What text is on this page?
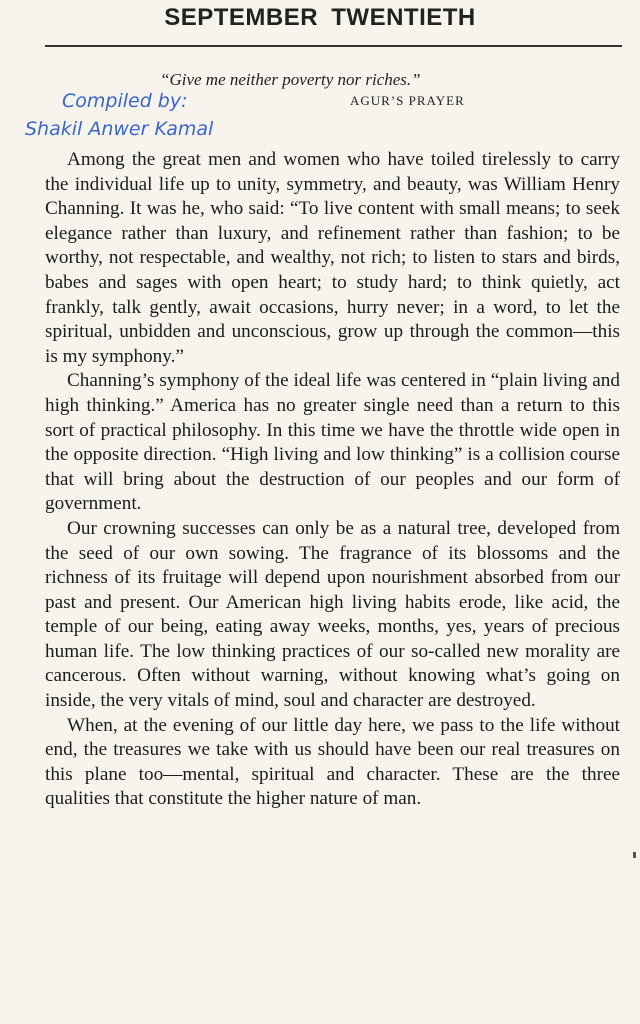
SEPTEMBER TWENTIETH
“Give me neither poverty nor riches.”
AGUR’S PRAYER
Compiled by:
Shakil Anwer Kamal

Among the great men and women who have toiled tirelessly to carry the individual life up to unity, symmetry, and beauty, was William Henry Channing. It was he, who said: “To live content with small means; to seek elegance rather than luxury, and refinement rather than fashion; to be worthy, not respectable, and wealthy, not rich; to listen to stars and birds, babes and sages with open heart; to study hard; to think quietly, act frankly, talk gently, await occasions, hurry never; in a word, to let the spiritual, unbidden and unconscious, grow up through the common—this is my symphony.”

Channing’s symphony of the ideal life was centered in “plain living and high thinking.” America has no greater single need than a return to this sort of practical philosophy. In this time we have the throttle wide open in the opposite direction. “High living and low thinking” is a collision course that will bring about the destruction of our peoples and our form of government.

Our crowning successes can only be as a natural tree, developed from the seed of our own sowing. The fragrance of its blossoms and the richness of its fruitage will depend upon nourishment absorbed from our past and present. Our American high living habits erode, like acid, the temple of our being, eating away weeks, months, yes, years of precious human life. The low thinking practices of our so-called new morality are cancerous. Often without warning, without knowing what’s going on inside, the very vitals of mind, soul and character are destroyed.

When, at the evening of our little day here, we pass to the life without end, the treasures we take with us should have been our real treasures on this plane too—mental, spiritual and character. These are the three qualities that constitute the higher nature of man.
